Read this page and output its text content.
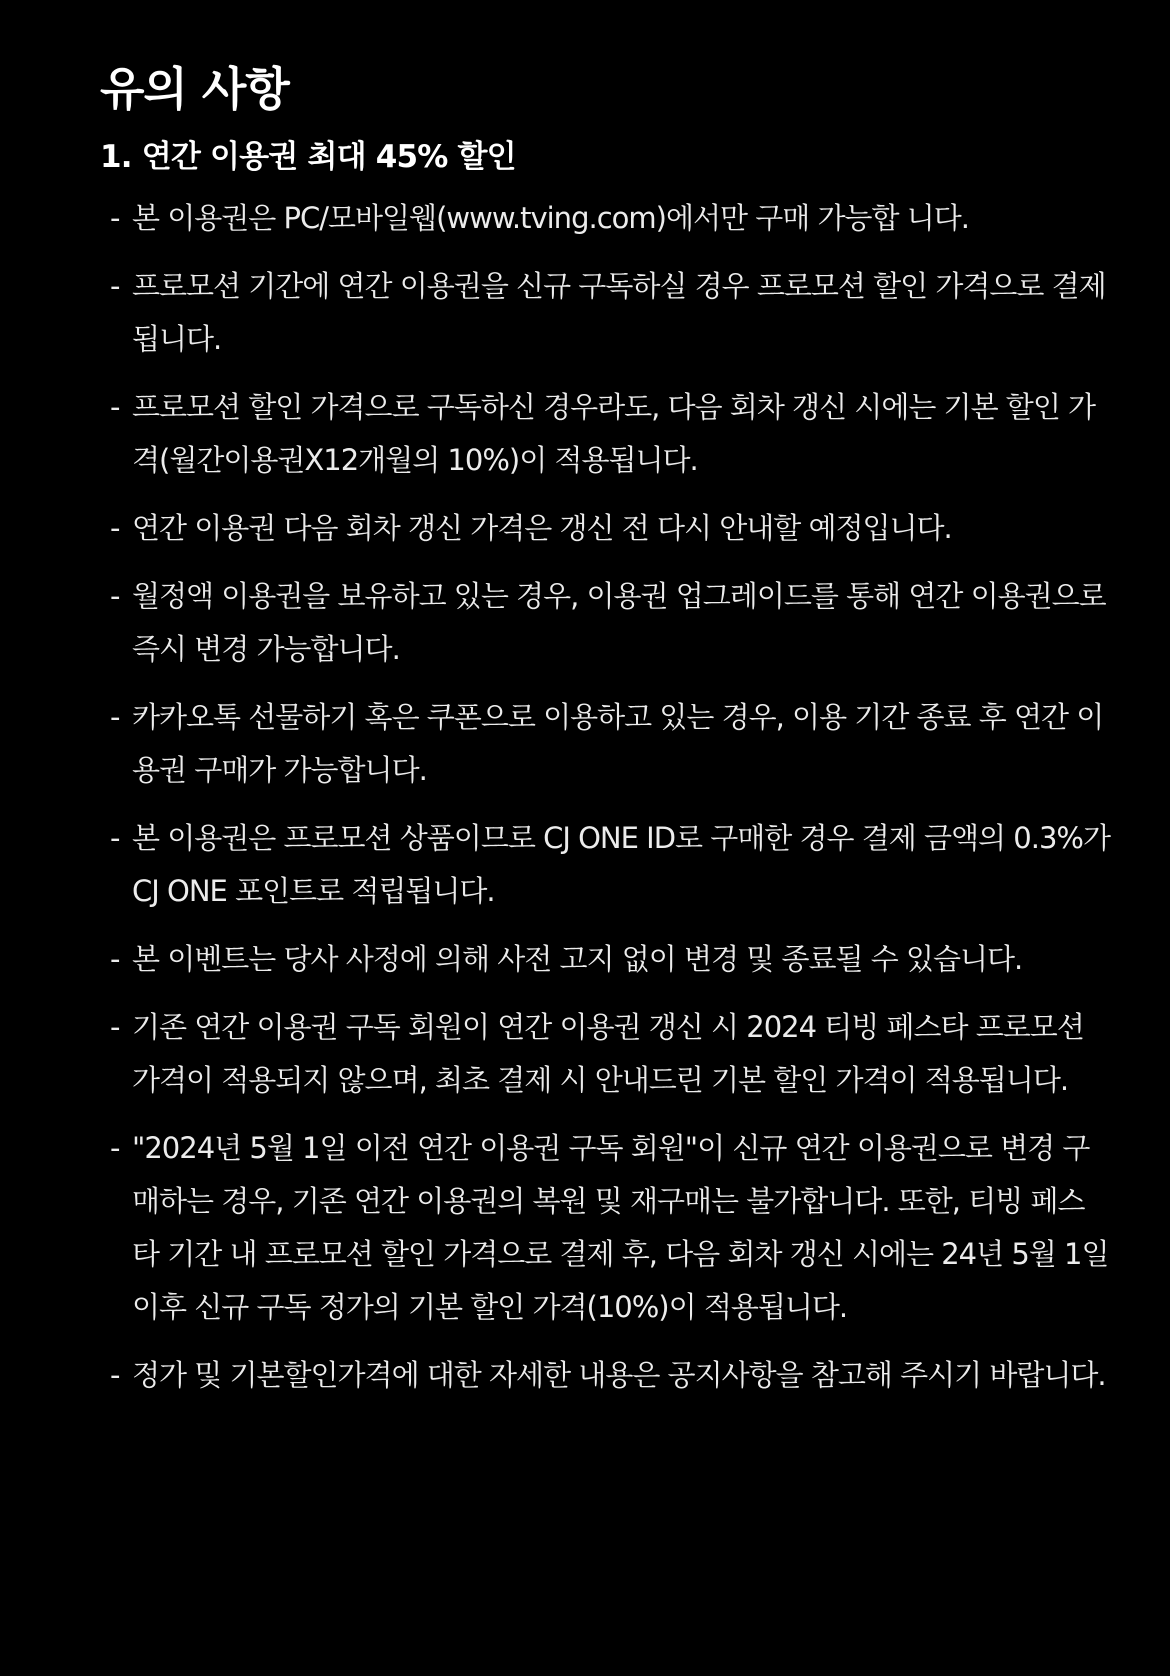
유의 사항
1. 연간 이용권 최대 45% 할인
- 본 이용권은 PC/모바일웹(www.tving.com)에서만 구매 가능합 니다.
- 프로모션 기간에 연간 이용권을 신규 구독하실 경우 프로모션 할인 가격으로 결제됩니다.
- 프로모션 할인 가격으로 구독하신 경우라도, 다음 회차 갱신 시에는 기본 할인 가격(월간이용권X12개월의 10%)이 적용됩니다.
- 연간 이용권 다음 회차 갱신 가격은 갱신 전 다시 안내할 예정입니다.
- 월정액 이용권을 보유하고 있는 경우, 이용권 업그레이드를 통해 연간 이용권으로 즉시 변경 가능합니다.
- 카카오톡 선물하기 혹은 쿠폰으로 이용하고 있는 경우, 이용 기간 종료 후 연간 이용권 구매가 가능합니다.
- 본 이용권은 프로모션 상품이므로 CJ ONE ID로 구매한 경우 결제 금액의 0.3%가 CJ ONE 포인트로 적립됩니다.
- 본 이벤트는 당사 사정에 의해 사전 고지 없이 변경 및 종료될 수 있습니다.
- 기존 연간 이용권 구독 회원이 연간 이용권 갱신 시 2024 티빙 페스타 프로모션 가격이 적용되지 않으며, 최초 결제 시 안내드린 기본 할인 가격이 적용됩니다.
- "2024년 5월 1일 이전 연간 이용권 구독 회원"이 신규 연간 이용권으로 변경 구매하는 경우, 기존 연간 이용권의 복원 및 재구매는 불가합니다. 또한, 티빙 페스타 기간 내 프로모션 할인 가격으로 결제 후, 다음 회차 갱신 시에는 24년 5월 1일 이후 신규 구독 정가의 기본 할인 가격(10%)이 적용됩니다.
- 정가 및 기본할인가격에 대한 자세한 내용은 공지사항을 참고해 주시기 바랍니다.
